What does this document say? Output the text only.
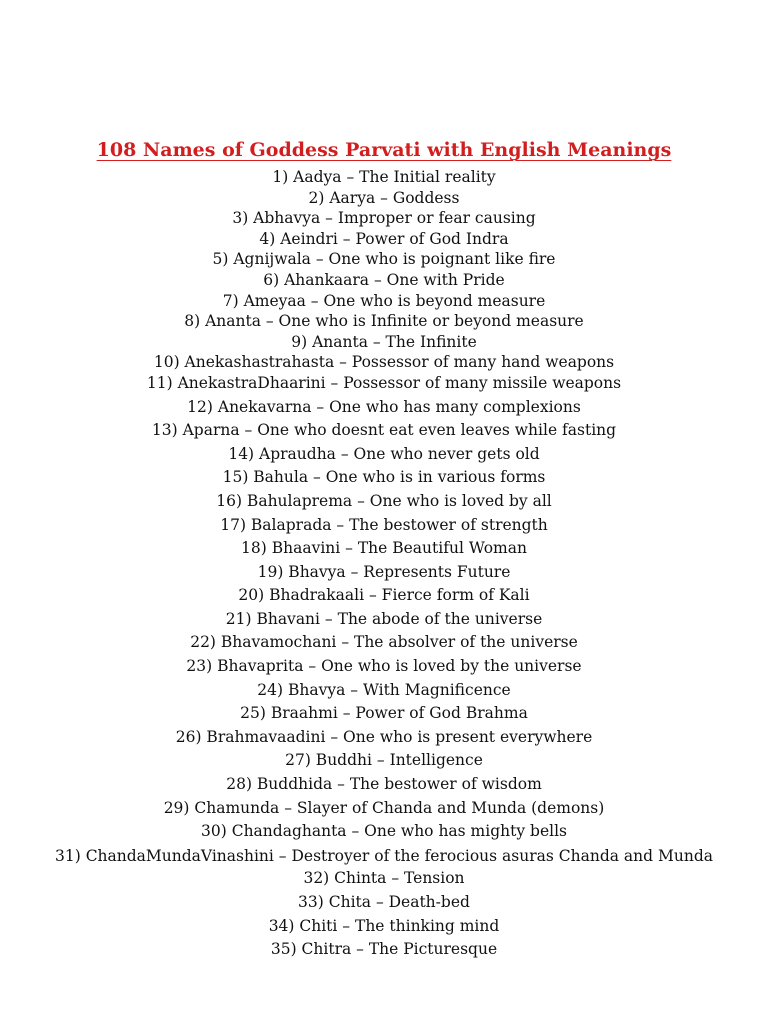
108 Names of Goddess Parvati with English Meanings
1) Aadya – The Initial reality
2) Aarya – Goddess
3) Abhavya – Improper or fear causing
4) Aeindri – Power of God Indra
5) Agnijwala – One who is poignant like fire
6) Ahankaara – One with Pride
7) Ameyaa – One who is beyond measure
8) Ananta – One who is Infinite or beyond measure
9) Ananta – The Infinite
10) Anekashastrahasta – Possessor of many hand weapons
11) AnekastraDhaarini – Possessor of many missile weapons
12) Anekavarna – One who has many complexions
13) Aparna – One who doesnt eat even leaves while fasting
14) Apraudha – One who never gets old
15) Bahula – One who is in various forms
16) Bahulaprema – One who is loved by all
17) Balaprada – The bestower of strength
18) Bhaavini – The Beautiful Woman
19) Bhavya – Represents Future
20) Bhadrakaali – Fierce form of Kali
21) Bhavani – The abode of the universe
22) Bhavamochani – The absolver of the universe
23) Bhavaprita – One who is loved by the universe
24) Bhavya – With Magnificence
25) Braahmi – Power of God Brahma
26) Brahmavaadini – One who is present everywhere
27) Buddhi – Intelligence
28) Buddhida – The bestower of wisdom
29) Chamunda – Slayer of Chanda and Munda (demons)
30) Chandaghanta – One who has mighty bells
31) ChandaMundaVinashini – Destroyer of the ferocious asuras Chanda and Munda
32) Chinta – Tension
33) Chita – Death-bed
34) Chiti – The thinking mind
35) Chitra – The Picturesque
